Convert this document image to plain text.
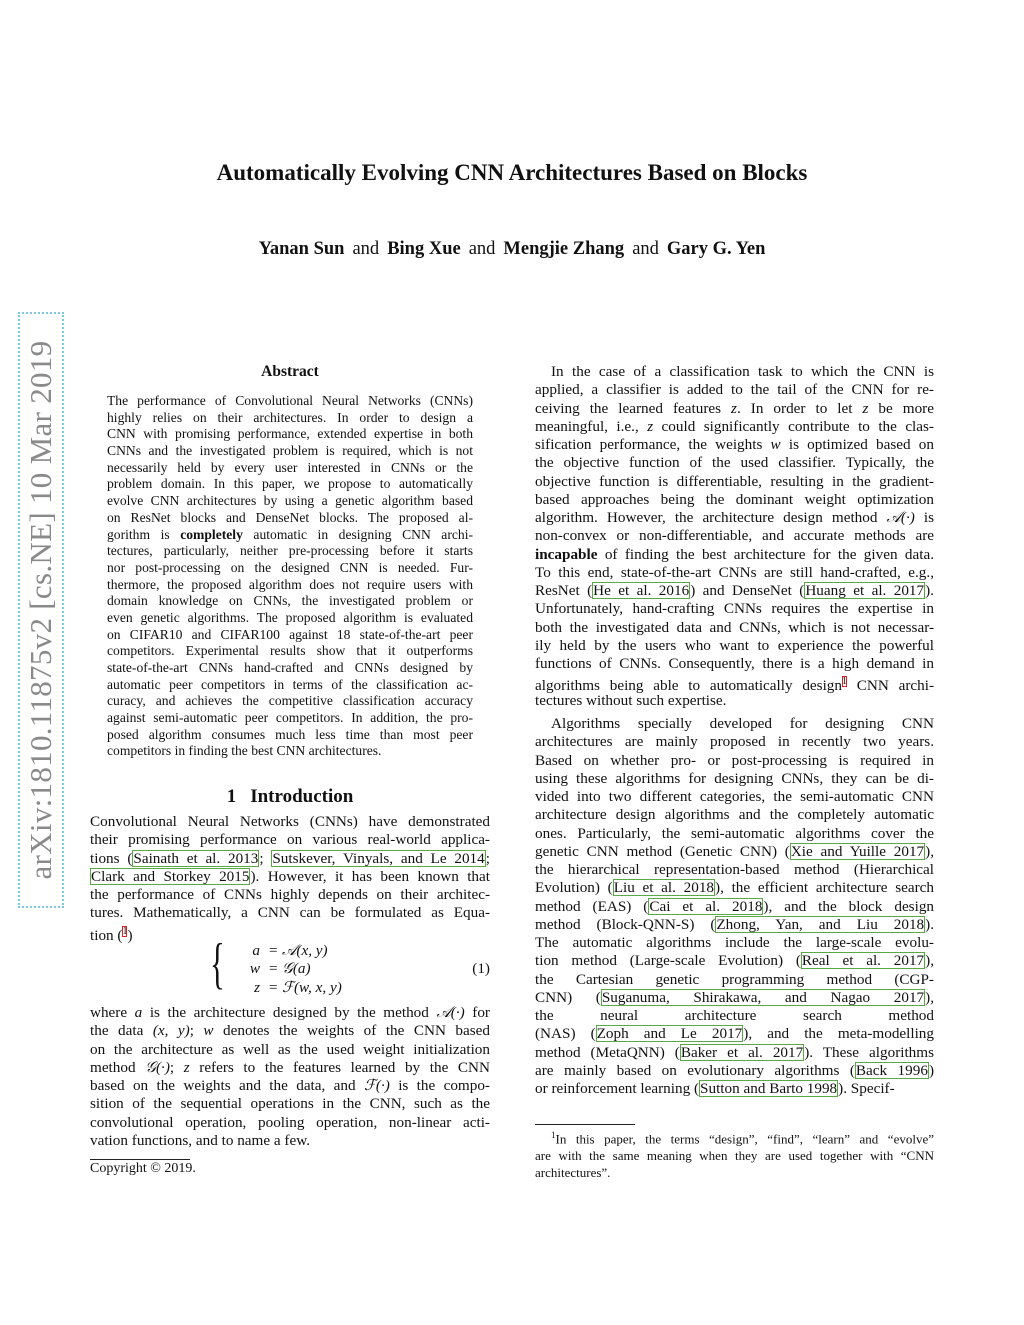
arXiv:1810.11875v2 [cs.NE] 10 Mar 2019
Automatically Evolving CNN Architectures Based on Blocks
Yanan Sun and Bing Xue and Mengjie Zhang and Gary G. Yen
Abstract
The performance of Convolutional Neural Networks (CNNs)
highly relies on their architectures. In order to design a
CNN with promising performance, extended expertise in both
CNNs and the investigated problem is required, which is not
necessarily held by every user interested in CNNs or the
problem domain. In this paper, we propose to automatically
evolve CNN architectures by using a genetic algorithm based
on ResNet blocks and DenseNet blocks. The proposed al-
gorithm is completely automatic in designing CNN archi-
tectures, particularly, neither pre-processing before it starts
nor post-processing on the designed CNN is needed. Fur-
thermore, the proposed algorithm does not require users with
domain knowledge on CNNs, the investigated problem or
even genetic algorithms. The proposed algorithm is evaluated
on CIFAR10 and CIFAR100 against 18 state-of-the-art peer
competitors. Experimental results show that it outperforms
state-of-the-art CNNs hand-crafted and CNNs designed by
automatic peer competitors in terms of the classification ac-
curacy, and achieves the competitive classification accuracy
against semi-automatic peer competitors. In addition, the pro-
posed algorithm consumes much less time than most peer
competitors in finding the best CNN architectures.
1 Introduction
Convolutional Neural Networks (CNNs) have demonstrated
their promising performance on various real-world applica-
tions (Sainath et al. 2013; Sutskever, Vinyals, and Le 2014;
Clark and Storkey 2015). However, it has been known that
the performance of CNNs highly depends on their architec-
tures. Mathematically, a CNN can be formulated as Equa-
tion ($^1$)	{	a = 𝒜(x, y)
w = 𝒢(a)
z = ℱ(w, x, y)
(1)
where a is the architecture designed by the method 𝒜(·) for
the data (x, y); w denotes the weights of the CNN based
on the architecture as well as the used weight initialization
method 𝒢(·); z refers to the features learned by the CNN
based on the weights and the data, and ℱ(·) is the compo-
sition of the sequential operations in the CNN, such as the
convolutional operation, pooling operation, non-linear acti-
vation functions, and to name a few.
Copyright © 2019.
In the case of a classification task to which the CNN is
applied, a classifier is added to the tail of the CNN for re-
ceiving the learned features z. In order to let z be more
meaningful, i.e., z could significantly contribute to the clas-
sification performance, the weights w is optimized based on
the objective function of the used classifier. Typically, the
objective function is differentiable, resulting in the gradient-
based approaches being the dominant weight optimization
algorithm. However, the architecture design method 𝒜(·) is
non-convex or non-differentiable, and accurate methods are
incapable of finding the best architecture for the given data.
To this end, state-of-the-art CNNs are still hand-crafted, e.g.,
ResNet (He et al. 2016) and DenseNet (Huang et al. 2017).
Unfortunately, hand-crafting CNNs requires the expertise in
both the investigated data and CNNs, which is not necessar-
ily held by the users who want to experience the powerful
functions of CNNs. Consequently, there is a high demand in
algorithms being able to automatically design$^1$ CNN archi-
tectures without such expertise.
Algorithms specially developed for designing CNN
architectures are mainly proposed in recently two years.
Based on whether pro- or post-processing is required in
using these algorithms for designing CNNs, they can be di-
vided into two different categories, the semi-automatic CNN
architecture design algorithms and the completely automatic
ones. Particularly, the semi-automatic algorithms cover the
genetic CNN method (Genetic CNN) (Xie and Yuille 2017),
the hierarchical representation-based method (Hierarchical
Evolution) (Liu et al. 2018), the efficient architecture search
method (EAS) (Cai et al. 2018), and the block design
method (Block-QNN-S) (Zhong, Yan, and Liu 2018).
The automatic algorithms include the large-scale evolu-
tion method (Large-scale Evolution) (Real et al. 2017),
the Cartesian genetic programming method (CGP-
CNN) (Suganuma, Shirakawa, and Nagao 2017),
the neural architecture search method
(NAS) (Zoph and Le 2017), and the meta-modelling
method (MetaQNN) (Baker et al. 2017). These algorithms
are mainly based on evolutionary algorithms (Back 1996)
or reinforcement learning (Sutton and Barto 1998). Specif-
$^1$In this paper, the terms “design”, “find”, “learn” and “evolve”
are with the same meaning when they are used together with “CNN
architectures”.
